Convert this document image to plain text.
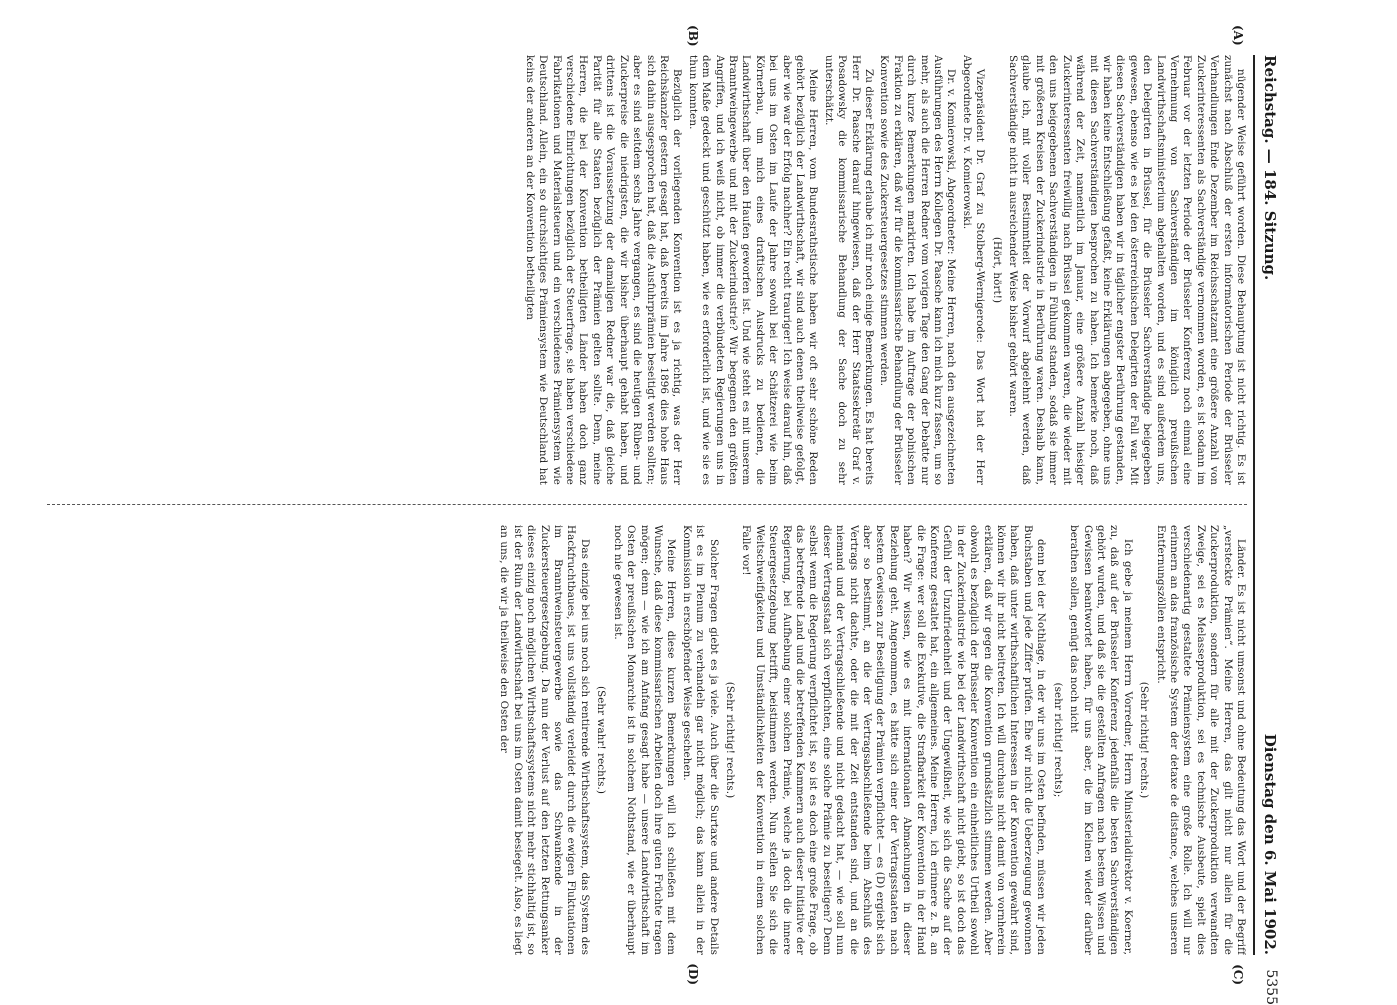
Reichstag. — 184. Sitzung.
Dienstag den 6. Mai 1902.
5355
(A)
(B)
(C)
(D)

nügender Weise geführt worden. Diese Behauptung ist nicht richtig. Es ist zunächst nach Abschluß der ersten informatorischen Periode der Brüsseler Verhandlungen Ende Dezember im Reichsschatzamt eine größere Anzahl von Zuckerinteressenten als Sachverständige vernommen worden, es ist sodann im Februar vor der letzten Periode der Brüsseler Konferenz noch einmal eine Vernehmung von Sachverständigen im königlich preußischen Landwirthschaftsministerium abgehalten worden, und es sind außerdem uns, den Delegirten in Brüssel, für die Brüsseler Sachverständige beigegeben gewesen, ebenso wie es bei den österreichischen Delegirten der Fall war. Mit diesen Sachverständigen haben wir in täglicher engster Berührung gestanden, wir haben keine Entschließung gefaßt, keine Erklärungen abgegeben, ohne uns mit diesen Sachverständigen besprochen zu haben. Ich bemerke noch, daß während der Zeit, namentlich im Januar, eine größere Anzahl hiesiger Zuckerinteressenten freiwillig nach Brüssel gekommen waren, die wieder mit den uns beigegebenen Sachverständigen in Fühlung standen, sodaß sie immer mit größeren Kreisen der Zuckerindustrie in Berührung waren. Deshalb kann, glaube ich, mit voller Bestimmtheit der Vorwurf abgelehnt werden, daß Sachverständige nicht in ausreichender Weise bisher gehört waren.

(Hört, hört!)

Vizepräsident Dr. Graf zu Stolberg-Wernigerode: Das Wort hat der Herr Abgeordnete Dr. v. Komierowski.

Dr. v. Komierowski, Abgeordneter: Meine Herren, nach den ausgezeichneten Ausführungen des Herrn Kollegen Dr. Paasche kann ich mich kurz fassen, um so mehr, als auch die Herren Redner vom vorigen Tage den Gang der Debatte nur durch kurze Bemerkungen markirten. Ich habe im Auftrage der polnischen Fraktion zu erklären, daß wir für die kommissarische Behandlung der Brüsseler Konvention sowie des Zuckersteuergesetzes stimmen werden.

Zu dieser Erklärung erlaube ich mir noch einige Bemerkungen. Es hat bereits Herr Dr. Paasche darauf hingewiesen, daß der Herr Staatssekretär Graf v. Posadowsky die kommissarische Behandlung der Sache doch zu sehr unterschätzt.

Meine Herren, vom Bundesrathstische haben wir oft sehr schöne Reden gehört bezüglich der Landwirthschaft, wir sind auch denen theilweise gefolgt, aber wie war der Erfolg nachher? Ein recht trauriger! Ich weise darauf hin, daß bei uns im Osten im Laufe der Jahre sowohl bei der Schätzerei wie beim Körnerbau, um mich eines draftischen Ausdrucks zu bedienen, die Landwirthschaft über den Haufen geworfen ist. Und wie steht es mit unserem Branntweingewerbe und mit der Zuckerindustrie? Wir begegnen den größten Angriffen, und ich weiß nicht, ob immer die verbündeten Regierungen uns in dem Maße gedeckt und geschützt haben, wie es erforderlich ist, und wie sie es thun konnten.

Bezüglich der vorliegenden Konvention ist es ja richtig, was der Herr Reichskanzler gestern gesagt hat, daß bereits im Jahre 1896 dies hohe Haus sich dahin ausgesprochen hat, daß die Ausfuhrprämien beseitigt werden sollten; aber es sind seitdem sechs Jahre vergangen, es sind die heutigen Rüben- und Zuckerpreise die niedrigsten, die wir bisher überhaupt gehabt haben, und drittens ist die Voraussetzung der damaligen Redner war die, daß gleiche Parität für alle Staaten bezüglich der Prämien gelten sollte. Denn, meine Herren, die bei der Konvention betheiligten Länder haben doch ganz verschiedene Einrichtungen bezüglich der Steuerfrage, sie haben verschiedene Fabrikationen und Materialsteuern und ein verschiedenes Prämiensystem wie Deutschland. Allein, ein so durchsichtiges Prämiensystem wie Deutschland hat keins der anderen an der Konvention betheiligten

Länder. Es ist nicht umsonst und ohne Bedeutung das Wort und der Begriff „versteckte Prämien“. Meine Herren, das gilt nicht nur allein für die Zuckerproduktion, sondern für alle mit der Zuckerproduktion verwandten Zweige, sei es Melasseproduktion, sei es technische Ausbeute, spielt dies verschiedenartig gestaltete Prämiensystem eine große Rolle. Ich will nur erinnern an das französische System der detaxe de distance, welches unseren Entfernungszöllen entspricht.

(Sehr richtig! rechts.)

Ich gebe ja meinem Herrn Vorredner, Herrn Ministerialdirektor v. Koerner, zu, daß auf der Brüsseler Konferenz jedenfalls die besten Sachverständigen gehört wurden, und daß sie die gestellten Anfragen nach bestem Wissen und Gewissen beantwortet haben, für uns aber, die im Kleinen wieder darüber berathen sollen, genügt das noch nicht

(sehr richtig! rechts);

denn bei der Nothlage, in der wir uns im Osten befinden, müssen wir jeden Buchstaben und jede Ziffer prüfen. Ehe wir nicht die Ueberzeugung gewonnen haben, daß unter wirthschaftlichen Interessen in der Konvention gewahrt sind, können wir ihr nicht beitreten. Ich will durchaus nicht damit von vornherein erklären, daß wir gegen die Konvention grundsätzlich stimmen werden. Aber obwohl es bezüglich der Brüsseler Konvention ein einheitliches Urtheil sowohl in der Zuckerindustrie wie bei der Landwirthschaft nicht giebt, so ist doch das Gefühl der Unzufriedenheit und der Ungewißheit, wie sich die Sache auf der Konferenz gestaltet hat, ein allgemeines. Meine Herren, ich erinnere z. B. an die Frage: wer soll die Exekutive, die Strafbarkeit der Konvention in der Hand haben? Wir wissen, wie es mit internationalen Abmachungen in dieser Beziehung geht. Angenommen, es hätte sich einer der Vertragsstaaten nach bestem Gewissen zur Beseitigung der Prämien verpflichtet — es (D) ergiebt sich aber so bestimmt, an die der Vertragsabschließende beim Abschluß des Vertrags nicht dachte, oder die mit der Zeit entstanden sind, und an die niemand und der Vertragschließende und nicht gedacht hat, — wie soll nun dieser Vertragsstaat sich verpflichten, eine solche Prämie zu beseitigen? Denn selbst wenn die Regierung verpflichtet ist, so ist es doch eine große Frage, ob das betreffende Land und die betreffenden Kammern auch dieser Initiative der Regierung, bei Aufhebung einer solchen Prämie, welche ja doch die innere Steuergesetzgebung betrifft, beistimmen werden. Nun stellen Sie sich die Weitschweifigkeiten und Umständlichkeiten der Konvention in einem solchen Falle vor!

(Sehr richtig! rechts.)

Solcher Fragen giebt es ja viele. Auch über die Surtaxe und andere Details ist es im Plenum zu verhandeln gar nicht möglich; das kann allein in der Kommission in erschöpfender Weise geschehen.

Meine Herren, diese kurzen Bemerkungen will ich schließen mit dem Wunsche, daß diese kommissarischen Arbeiten doch ihre guten Früchte tragen mögen; denn — wie ich am Anfang gesagt habe — unsere Landwirthschaft im Osten der preußischen Monarchie ist in solchem Nothstand, wie er überhaupt noch nie gewesen ist.

(Sehr wahr! rechts.)

Das einzige bei uns noch sich rentirende Wirthschaftssystem, das System des Hackfruchtbaues, ist uns vollständig verleidet durch die ewigen Fluktuationen im Branntweinsteuergewerbe sowie das Schwankende in der Zuckersteuergesetzgebung. Da nun der Verlust auf den letzten Rettungsanker dieses einzig noch möglichen Wirthschaftssystems nicht mehr stichhaltig ist, so ist der Ruin der Landwirthschaft bei uns im Osten damit besiegelt. Also, es liegt an uns, die wir ja theilweise den Osten der
